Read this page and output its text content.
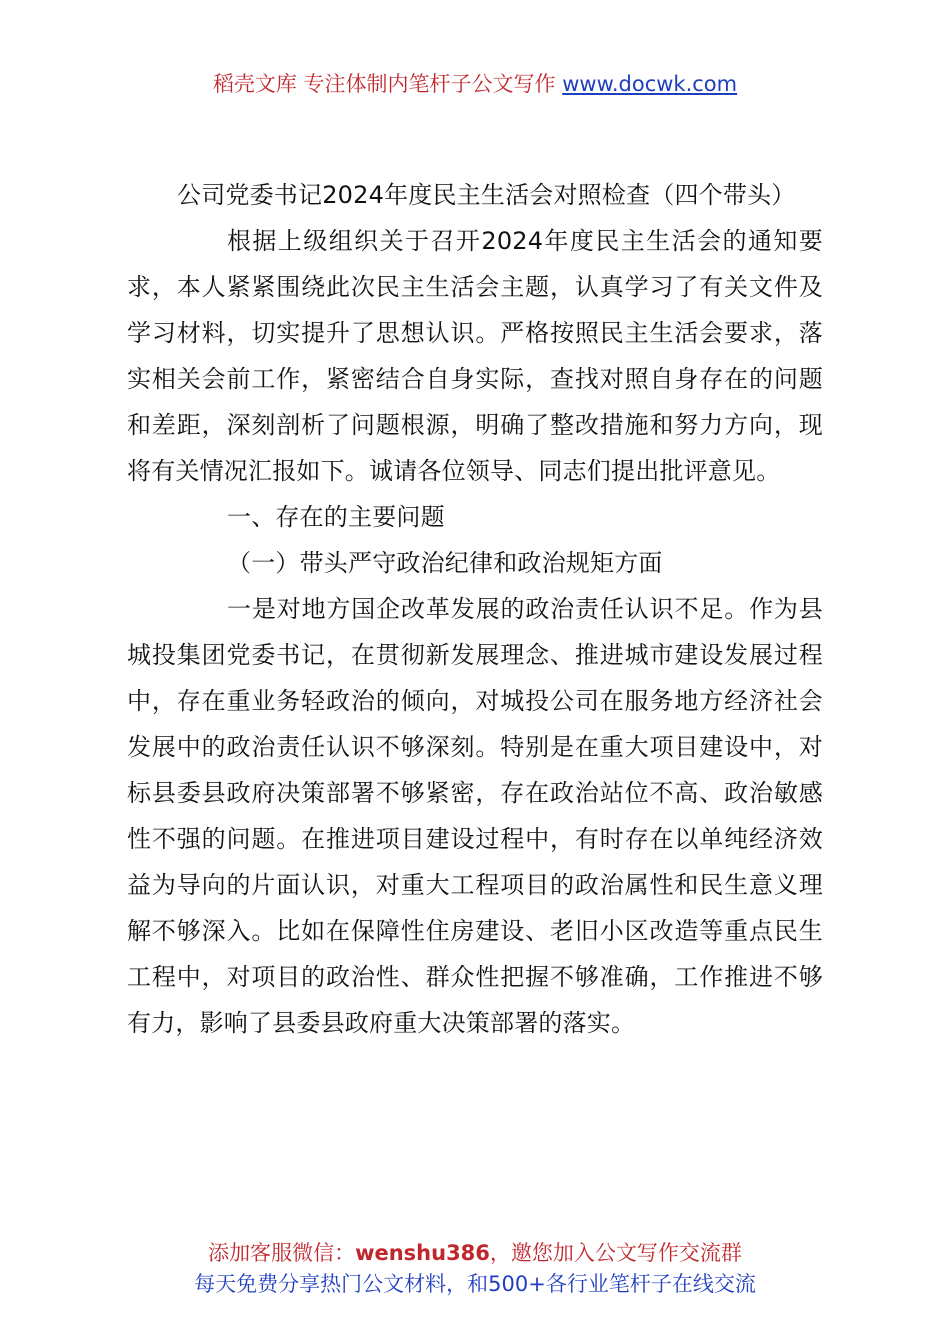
稻壳文库 专注体制内笔杆子公文写作 www.docwk.com

公司党委书记2024年度民主生活会对照检查（四个带头）

根据上级组织关于召开2024年度民主生活会的通知要求，本人紧紧围绕此次民主生活会主题，认真学习了有关文件及学习材料，切实提升了思想认识。严格按照民主生活会要求，落实相关会前工作，紧密结合自身实际，查找对照自身存在的问题和差距，深刻剖析了问题根源，明确了整改措施和努力方向，现将有关情况汇报如下。诚请各位领导、同志们提出批评意见。

一、存在的主要问题

（一）带头严守政治纪律和政治规矩方面

一是对地方国企改革发展的政治责任认识不足。作为县城投集团党委书记，在贯彻新发展理念、推进城市建设发展过程中，存在重业务轻政治的倾向，对城投公司在服务地方经济社会发展中的政治责任认识不够深刻。特别是在重大项目建设中，对标县委县政府决策部署不够紧密，存在政治站位不高、政治敏感性不强的问题。在推进项目建设过程中，有时存在以单纯经济效益为导向的片面认识，对重大工程项目的政治属性和民生意义理解不够深入。比如在保障性住房建设、老旧小区改造等重点民生工程中，对项目的政治性、群众性把握不够准确，工作推进不够有力，影响了县委县政府重大决策部署的落实。

添加客服微信：wenshu386，邀您加入公文写作交流群
每天免费分享热门公文材料，和500+各行业笔杆子在线交流
